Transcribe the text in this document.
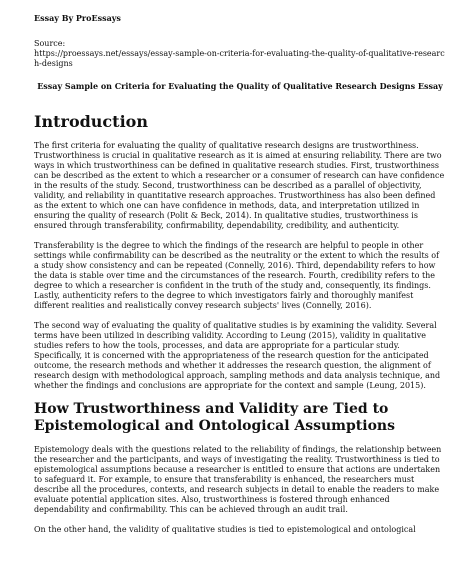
Essay By ProEssays
Source:
https://proessays.net/essays/essay-sample-on-criteria-for-evaluating-the-quality-of-qualitative-research-designs
Essay Sample on Criteria for Evaluating the Quality of Qualitative Research Designs Essay
Introduction

The first criteria for evaluating the quality of qualitative research designs are trustworthiness. Trustworthiness is crucial in qualitative research as it is aimed at ensuring reliability. There are two ways in which trustworthiness can be defined in qualitative research studies. First, trustworthiness can be described as the extent to which a researcher or a consumer of research can have confidence in the results of the study. Second, trustworthiness can be described as a parallel of objectivity, validity, and reliability in quantitative research approaches. Trustworthiness has also been defined as the extent to which one can have confidence in methods, data, and interpretation utilized in ensuring the quality of research (Polit & Beck, 2014). In qualitative studies, trustworthiness is ensured through transferability, confirmability, dependability, credibility, and authenticity.

Transferability is the degree to which the findings of the research are helpful to people in other settings while confirmability can be described as the neutrality or the extent to which the results of a study show consistency and can be repeated (Connelly, 2016). Third, dependability refers to how the data is stable over time and the circumstances of the research. Fourth, credibility refers to the degree to which a researcher is confident in the truth of the study and, consequently, its findings. Lastly, authenticity refers to the degree to which investigators fairly and thoroughly manifest different realities and realistically convey research subjects' lives (Connelly, 2016).

The second way of evaluating the quality of qualitative studies is by examining the validity. Several terms have been utilized in describing validity. According to Leung (2015), validity in qualitative studies refers to how the tools, processes, and data are appropriate for a particular study. Specifically, it is concerned with the appropriateness of the research question for the anticipated outcome, the research methods and whether it addresses the research question, the alignment of research design with methodological approach, sampling methods and data analysis technique, and whether the findings and conclusions are appropriate for the context and sample (Leung, 2015).

How Trustworthiness and Validity are Tied to Epistemological and Ontological Assumptions

Epistemology deals with the questions related to the reliability of findings, the relationship between the researcher and the participants, and ways of investigating the reality. Trustworthiness is tied to epistemological assumptions because a researcher is entitled to ensure that actions are undertaken to safeguard it. For example, to ensure that transferability is enhanced, the researchers must describe all the procedures, contexts, and research subjects in detail to enable the readers to make evaluate potential application sites. Also, trustworthiness is fostered through enhanced dependability and confirmability. This can be achieved through an audit trail.

On the other hand, the validity of qualitative studies is tied to epistemological and ontological
